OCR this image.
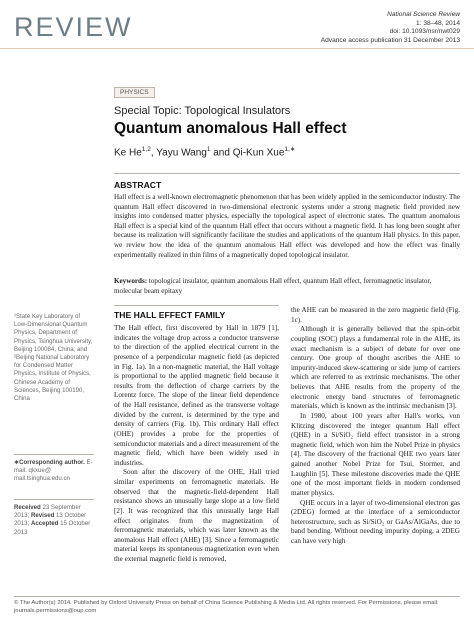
REVIEW	National Science Review
1: 38–48, 2014
doi: 10.1093/nsr/nwt029
Advance access publication 31 December 2013
PHYSICS
Special Topic: Topological Insulators
Quantum anomalous Hall effect
Ke He$^{1,2}$, Yayu Wang$^1$ and Qi-Kun Xue$^{1,∗}$
ABSTRACT
Hall effect is a well-known electromagnetic phenomenon that has been widely applied in the semiconductor industry. The quantum Hall effect discovered in two-dimensional electronic systems under a strong magnetic field provided new insights into condensed matter physics, especially the topological aspect of electronic states. The quantum anomalous Hall effect is a special kind of the quantum Hall effect that occurs without a magnetic field. It has long been sought after because its realization will significantly facilitate the studies and applications of the quantum Hall physics. In this paper, we review how the idea of the quantum anomalous Hall effect was developed and how the effect was finally experimentally realized in thin films of a magnetically doped topological insulator.
Keywords: topological insulator, quantum anomalous Hall effect, quantum Hall effect, ferromagnetic insulator, molecular beam epitaxy
¹State Key Laboratory of Low-Dimensional Quantum Physics, Department of Physics, Tsinghua University, Beijing 100084, China; and ²Beijing National Laboratory for Condensed Matter Physics, Institute of Physics, Chinese Academy of Sciences, Beijing 100190, China
∗Corresponding author. E-mail: qkxue@ mail.tsinghua.edu.cn
Received 23 September 2013; Revised 13 October 2013; Accepted 15 October 2013
THE HALL EFFECT FAMILY

The Hall effect, first discovered by Hall in 1879 [1], indicates the voltage drop across a conductor transverse to the direction of the applied electrical current in the presence of a perpendicular magnetic field (as depicted in Fig. 1a). In a non-magnetic material, the Hall voltage is proportional to the applied magnetic field because it results from the deflection of charge carriers by the Lorentz force. The slope of the linear field dependence of the Hall resistance, defined as the transverse voltage divided by the current, is determined by the type and density of carriers (Fig. 1b). This ordinary Hall effect (OHE) provides a probe for the properties of semiconductor materials and a direct measurement of the magnetic field, which have been widely used in industries.

Soon after the discovery of the OHE, Hall tried similar experiments on ferromagnetic materials. He observed that the magnetic-field-dependent Hall resistance shows an unusually large slope at a low field [2]. It was recognized that this unusually large Hall effect originates from the magnetization of ferromagnetic materials, which was later known as the anomalous Hall effect (AHE) [3]. Since a ferromagnetic material keeps its spontaneous magnetization even when the external magnetic field is removed,

the AHE can be measured in the zero magnetic field (Fig. 1c).

Although it is generally believed that the spin-orbit coupling (SOC) plays a fundamental role in the AHE, its exact mechanism is a subject of debate for over one century. One group of thought ascribes the AHE to impurity-induced skew-scattering or side jump of carriers which are referred to as extrinsic mechanisms. The other believes that AHE results from the property of the electronic energy band structures of ferromagnetic materials, which is known as the intrinsic mechanism [3].

In 1980, about 100 years after Hall's works, von Klitzing discovered the integer quantum Hall effect (QHE) in a Si/SiO₂ field effect transistor in a strong magnetic field, which won him the Nobel Prize in physics [4]. The discovery of the fractional QHE two years later gained another Nobel Prize for Tsui, Stormer, and Laughlin [5]. These milestone discoveries made the QHE one of the most important fields in modern condensed matter physics.

QHE occurs in a layer of two-dimensional electron gas (2DEG) formed at the interface of a semiconductor heterostructure, such as Si/SiO₂ or GaAs/AlGaAs, due to band bending. Without needing impurity doping, a 2DEG can have very high

© The Author(s) 2014. Published by Oxford University Press on behalf of China Science Publishing & Media Ltd. All rights reserved. For Permissions, please email: journals.permissions@oup.com
